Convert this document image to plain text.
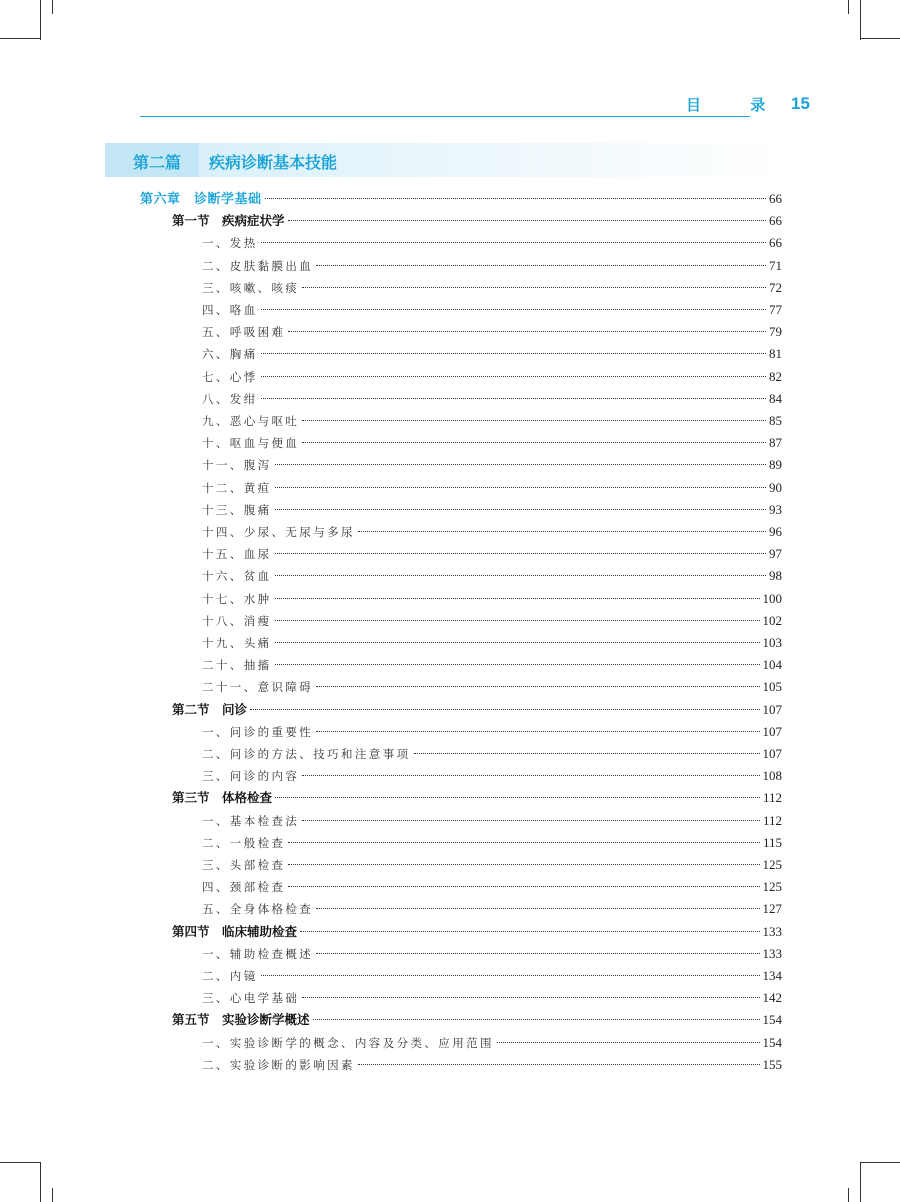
目 录 15
第二篇 疾病诊断基本技能
第六章　诊断学基础	66
第一节　疾病症状学	66
一、发热	66
二、皮肤黏膜出血	71
三、咳嗽、咳痰	72
四、咯血	77
五、呼吸困难	79
六、胸痛	81
七、心悸	82
八、发绀	84
九、恶心与呕吐	85
十、呕血与便血	87
十一、腹泻	89
十二、黄疸	90
十三、腹痛	93
十四、少尿、无尿与多尿	96
十五、血尿	97
十六、贫血	98
十七、水肿	100
十八、消瘦	102
十九、头痛	103
二十、抽搐	104
二十一、意识障碍	105
第二节　问诊	107
一、问诊的重要性	107
二、问诊的方法、技巧和注意事项	107
三、问诊的内容	108
第三节　体格检查	112
一、基本检查法	112
二、一般检查	115
三、头部检查	125
四、颈部检查	125
五、全身体格检查	127
第四节　临床辅助检查	133
一、辅助检查概述	133
二、内镜	134
三、心电学基础	142
第五节　实验诊断学概述	154
一、实验诊断学的概念、内容及分类、应用范围	154
二、实验诊断的影响因素	155
